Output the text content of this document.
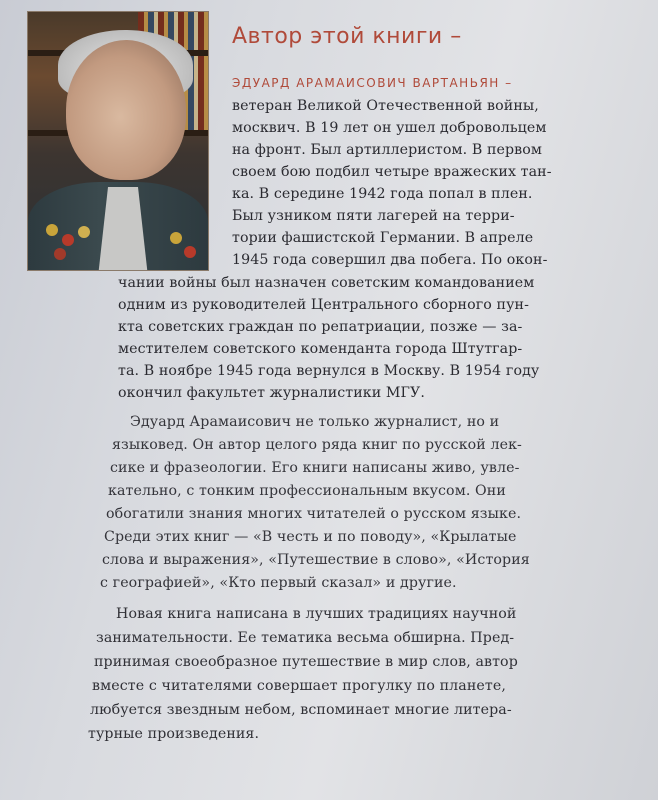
Автор этой книги –
ЭДУАРД АРАМАИСОВИЧ ВАРТАНЬЯН –
ветеран Великой Отечественной войны,
москвич. В 19 лет он ушел добровольцем
на фронт. Был артиллеристом. В первом
своем бою подбил четыре вражеских тан-
ка. В середине 1942 года попал в плен.
Был узником пяти лагерей на терри-
тории фашистской Германии. В апреле
1945 года совершил два побега. По окон-
чании войны был назначен советским командованием
одним из руководителей Центрального сборного пун-
кта советских граждан по репатриации, позже — за-
местителем советского коменданта города Штутгар-
та. В ноябре 1945 года вернулся в Москву. В 1954 году
окончил факультет журналистики МГУ.
Эдуард Арамаисович не только журналист, но и
языковед. Он автор целого ряда книг по русской лек-
сике и фразеологии. Его книги написаны живо, увле-
кательно, с тонким профессиональным вкусом. Они
обогатили знания многих читателей о русском языке.
Среди этих книг — «В честь и по поводу», «Крылатые
слова и выражения», «Путешествие в слово», «История
с географией», «Кто первый сказал» и другие.
Новая книга написана в лучших традициях научной
занимательности. Ее тематика весьма обширна. Пред-
принимая своеобразное путешествие в мир слов, автор
вместе с читателями совершает прогулку по планете,
любуется звездным небом, вспоминает многие литера-
турные произведения.
